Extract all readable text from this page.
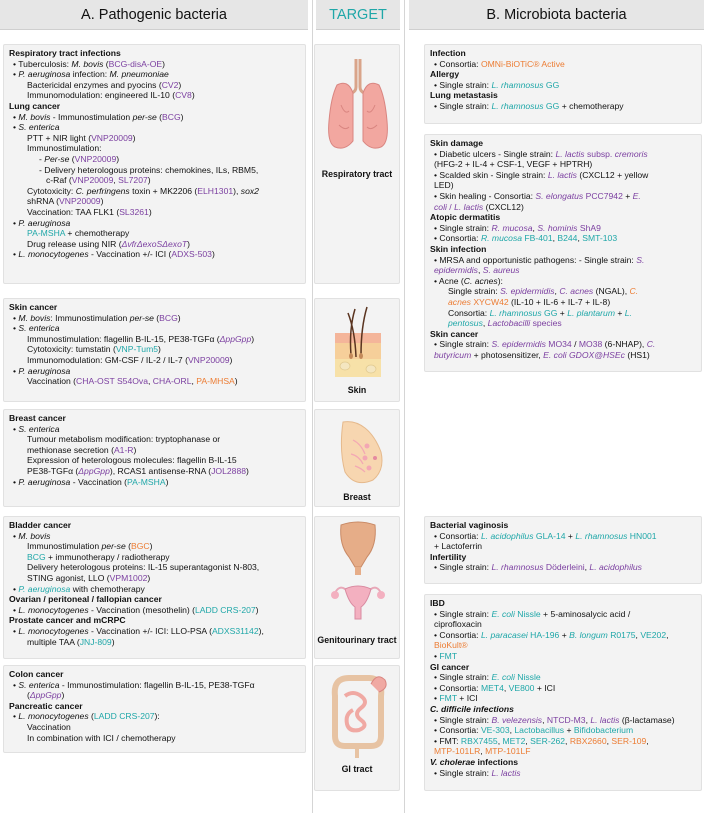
A. Pathogenic bacteria	TARGET	B. Microbiota bacteria
Respiratory tract infections
• Tuberculosis: M. bovis (BCG-disA-OE)
• P. aeruginosa infection: M. pneumoniae
Bactericidal enzymes and pyocins (CV2)
Immunomodulation: engineered IL-10 (CV8)
Lung cancer
• M. bovis - Immunostimulation per-se (BCG)
• S. enterica
PTT + NIR light (VNP20009)
Immunostimulation:
- Per-se (VNP20009)
- Delivery heterologous proteins: chemokines, ILs, RBM5,
c-Raf (VNP20009, SL7207)
Cytotoxicity: C. perfringens toxin + MK2206 (ELH1301), sox2
shRNA (VNP20009)
Vaccination: TAA FLK1 (SL3261)
• P. aeruginosa
PA-MSHA + chemotherapy
Drug release using NIR (ΔvfrΔexoSΔexoT)
• L. monocytogenes - Vaccination +/- ICI (ADXS-503)
Skin cancer
• M. bovis: Immunostimulation per-se (BCG)
• S. enterica
Immunostimulation: flagellin B-IL-15, PE38-TGFα (ΔppGpp)
Cytotoxicity: tumstatin (VNP-Tum5)
Immunomodulation: GM-CSF / IL-2 / IL-7 (VNP20009)
• P. aeruginosa
Vaccination (CHA-OST S54Ova, CHA-ORL, PA-MHSA)
Breast cancer
• S. enterica
Tumour metabolism modification: tryptophanase or
methionase secretion (A1-R)
Expression of heterologous molecules: flagellin B-IL-15
PE38-TGFα (ΔppGpp), RCAS1 antisense-RNA (JOL2888)
• P. aeruginosa - Vaccination (PA-MSHA)
Bladder cancer
• M. bovis
Immunostimulation per-se (BGC)
BCG + immunotherapy / radiotherapy
Delivery heterologous proteins: IL-15 superantagonist N-803,
STING agonist, LLO (VPM1002)
• P. aeruginosa with chemotherapy
Ovarian / peritoneal / fallopian cancer
• L. monocytogenes - Vaccination (mesothelin) (LADD CRS-207)
Prostate cancer and mCRPC
• L. monocytogenes - Vaccination +/- ICI: LLO-PSA (ADXS31142),
multiple TAA (JNJ-809)
Colon cancer
• S. enterica - Immunostimulation: flagellin B-IL-15, PE38-TGFα
(ΔppGpp)
Pancreatic cancer
• L. monocytogenes (LADD CRS-207):
Vaccination
In combination with ICI / chemotherapy
Infection
• Consortia: OMNi-BiOTiC® Active
Allergy
• Single strain: L. rhamnosus GG
Lung metastasis
• Single strain: L. rhamnosus GG + chemotherapy
Skin damage
• Diabetic ulcers - Single strain: L. lactis subsp. cremoris
(HFG-2 + IL-4 + CSF-1, VEGF + HPTRH)
• Scalded skin - Single strain: L. lactis (CXCL12 + yellow
LED)
• Skin healing - Consortia: S. elongatus PCC7942 + E.
coli / L. lactis (CXCL12)
Atopic dermatitis
• Single strain: R. mucosa, S. hominis ShA9
• Consortia: R. mucosa FB-401, B244, SMT-103
Skin infection
• MRSA and opportunistic pathogens: - Single strain: S.
epidermidis, S. aureus
• Acne (C. acnes):
Single strain: S. epidermidis, C. acnes (NGAL), C.
acnes XYCW42 (IL-10 + IL-6 + IL-7 + IL-8)
Consortia: L. rhamnosus GG + L. plantarum + L.
pentosus, Lactobacilli species
Skin cancer
• Single strain: S. epidermidis MO34 / MO38 (6-NHAP), C.
butyricum + photosensitizer, E. coli GDOX@HSEc (HS1)
Bacterial vaginosis
• Consortia: L. acidophilus GLA-14 + L. rhamnosus HN001
+ Lactoferrin
Infertility
• Single strain: L. rhamnosus Döderleini, L. acidophilus
IBD
• Single strain: E. coli Nissle + 5-aminosalycic acid /
ciprofloxacin
• Consortia: L. paracasei HA-196 + B. longum R0175, VE202,
BioKult®
• FMT
GI cancer
• Single strain: E. coli Nissle
• Consortia: MET4, VE800 + ICI
• FMT + ICI
C. difficile infections
• Single strain: B. velezensis, NTCD-M3, L. lactis (β-lactamase)
• Consortia: VE-303, Lactobacillus + Bifidobacterium
• FMT: RBX7455, MET2, SER-262, RBX2660, SER-109,
MTP-101LR, MTP-101LF
V. cholerae infections
• Single strain: L. lactis
Respiratory tract
Skin
Breast
Genitourinary tract
GI tract
